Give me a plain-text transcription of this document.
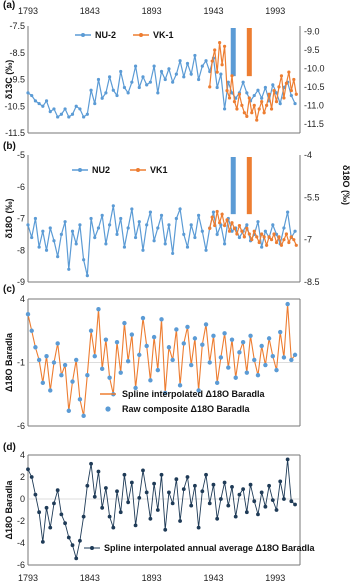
1793	1843	1893	1943	1993
(a)
-7.5
-8.5
-9.5
-10.5
-11.5
-9.0
-9.5
-10.0
-10.5
-11.0
-11.5
δ13C (‰)
NU-2	VK-1
(b)
-5
-6
-7
-8
-9
-4
-5.5
-7
-8.5
δ18O (‰)
δ18O (‰)
NU2	VK1
(c)
4
-1
-6
Δ18O Baradla
Spline interpolated Δ18O Baradla
Raw composite Δ18O Baradla
(d)
4
2
0
-2
-4
-6
Δ18O Baradla
Spline interpolated annual average Δ18O Baradla
1793	1843	1893	1943	1993
